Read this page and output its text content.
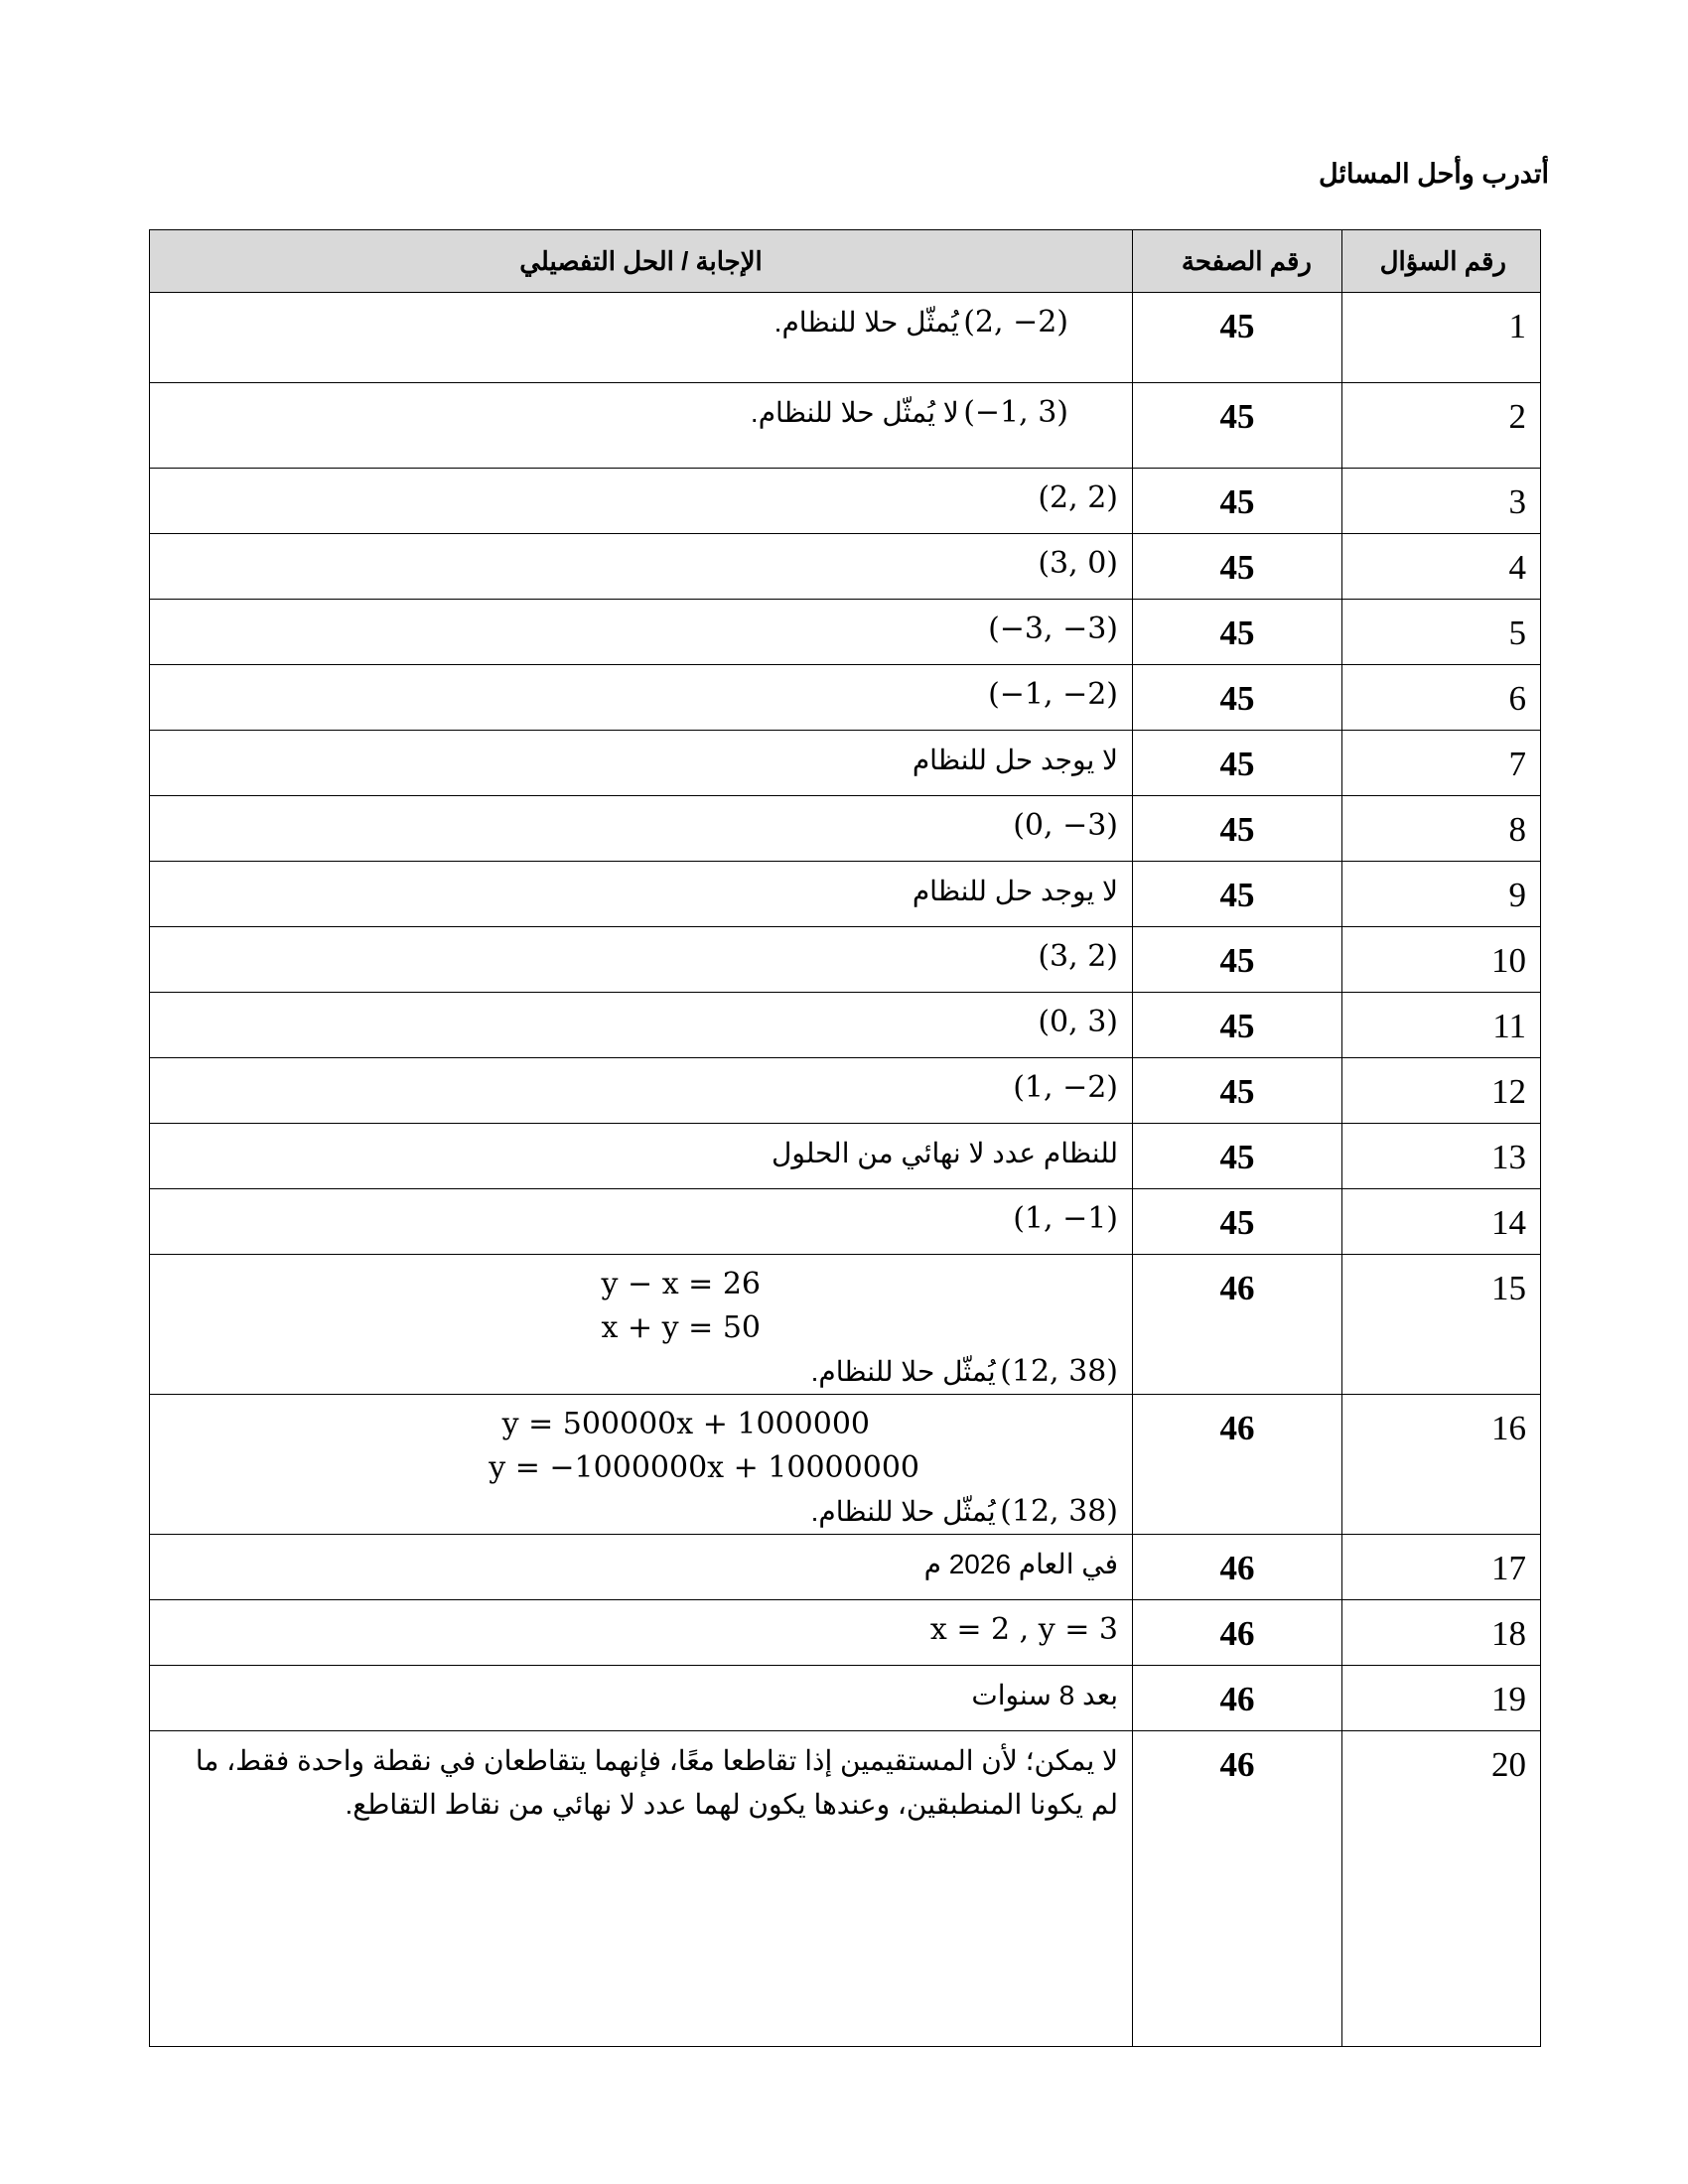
أتدرب وأحل المسائل
رقم السؤال	رقم الصفحة	الإجابة / الحل التفصيلي
1	45	(2, −2) يُمثّل حلا للنظام.

2	45	(−1, 3) لا يُمثّل حلا للنظام.

3	45	(2, 2)
4	45	(3, 0)
5	45	(−3, −3)
6	45	(−1, −2)
7	45	لا يوجد حل للنظام
8	45	(0, −3)
9	45	لا يوجد حل للنظام
10	45	(3, 2)
11	45	(0, 3)
12	45	(1, −2)
13	45	للنظام عدد لا نهائي من الحلول
14	45	(1, −1)
15	46	y − x = 26
x + y = 50
(12, 38) يُمثّل حلا للنظام.

16	46	y = 500000x + 1000000
y = −1000000x + 10000000
(12, 38) يُمثّل حلا للنظام.

17	46	في العام 2026 م
18	46	x = 2 , y = 3
19	46	بعد 8 سنوات
20	46	لا يمكن؛ لأن المستقيمين إذا تقاطعا معًا، فإنهما يتقاطعان في نقطة واحدة فقط، ما لم يكونا المنطبقين، وعندها يكون لهما عدد لا نهائي من نقاط التقاطع.
